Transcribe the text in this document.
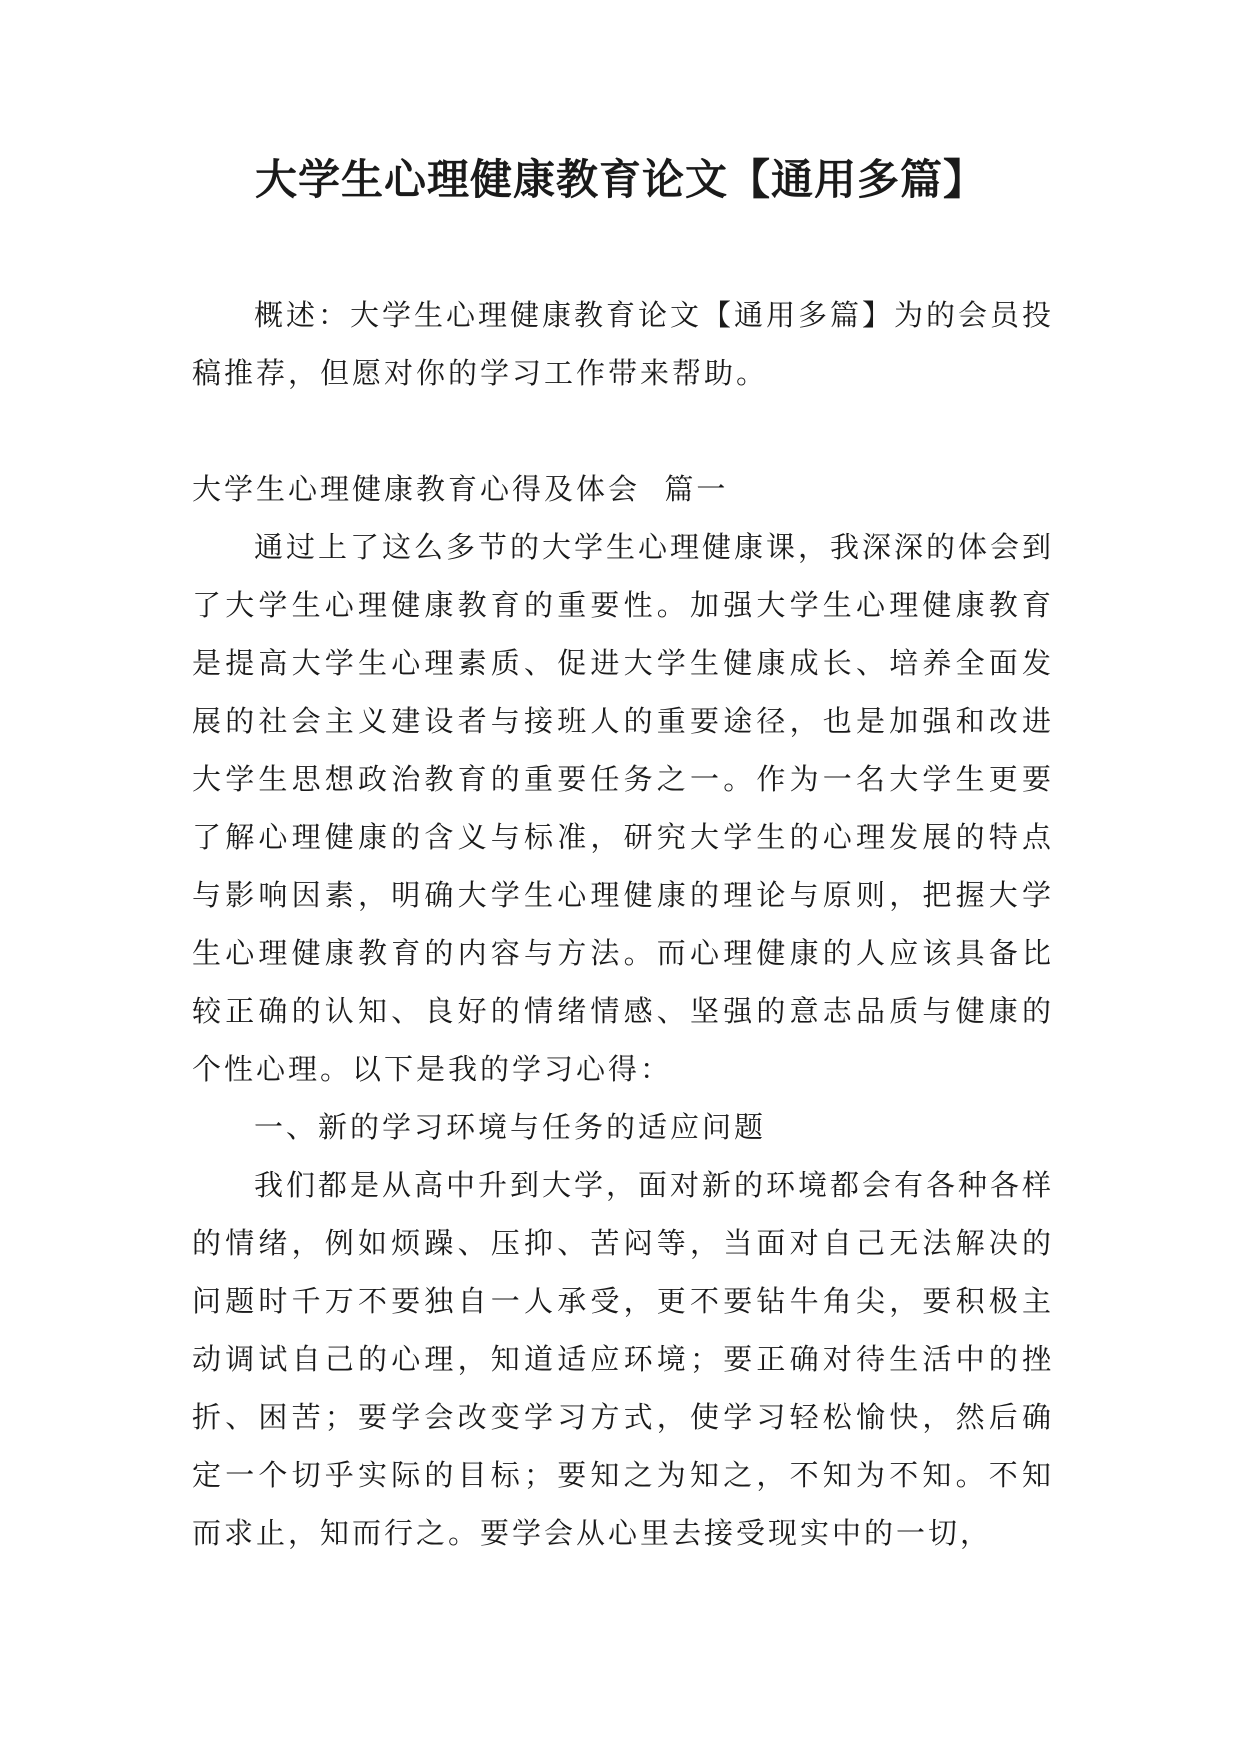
大学生心理健康教育论文【通用多篇】

概述：大学生心理健康教育论文【通用多篇】为的会员投稿推荐，但愿对你的学习工作带来帮助。

大学生心理健康教育心得及体会  篇一

通过上了这么多节的大学生心理健康课，我深深的体会到了大学生心理健康教育的重要性。加强大学生心理健康教育是提高大学生心理素质、促进大学生健康成长、培养全面发展的社会主义建设者与接班人的重要途径，也是加强和改进大学生思想政治教育的重要任务之一。作为一名大学生更要了解心理健康的含义与标准，研究大学生的心理发展的特点与影响因素，明确大学生心理健康的理论与原则，把握大学生心理健康教育的内容与方法。而心理健康的人应该具备比较正确的认知、良好的情绪情感、坚强的意志品质与健康的个性心理。以下是我的学习心得：

一、新的学习环境与任务的适应问题

我们都是从高中升到大学，面对新的环境都会有各种各样的情绪，例如烦躁、压抑、苦闷等，当面对自己无法解决的问题时千万不要独自一人承受，更不要钻牛角尖，要积极主动调试自己的心理，知道适应环境；要正确对待生活中的挫折、困苦；要学会改变学习方式，使学习轻松愉快，然后确定一个切乎实际的目标；要知之为知之，不知为不知。不知而求止，知而行之。要学会从心里去接受现实中的一切，
